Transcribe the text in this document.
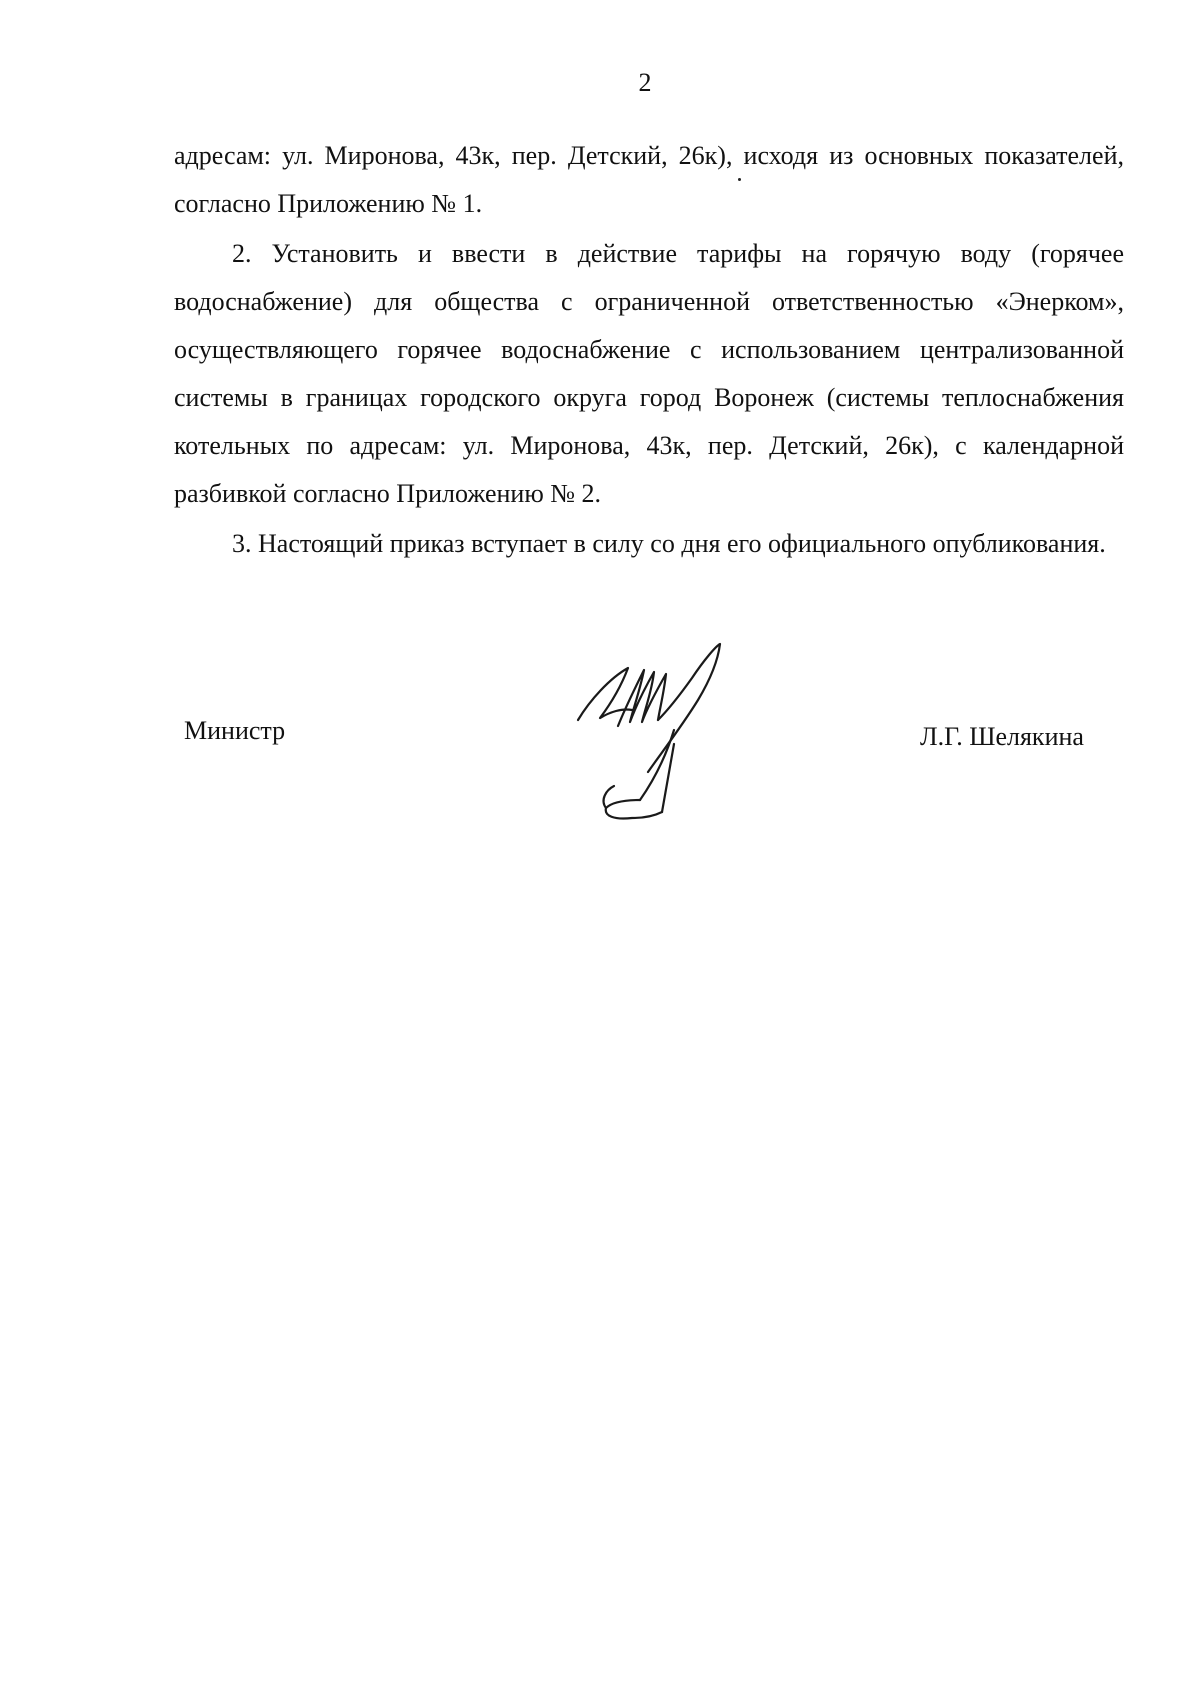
2

адресам: ул. Миронова, 43к, пер. Детский, 26к), исходя из основных показателей, согласно Приложению № 1.

2. Установить и ввести в действие тарифы на горячую воду (горячее водоснабжение) для общества с ограниченной ответственностью «Энерком», осуществляющего горячее водоснабжение с использованием централизованной системы в границах городского округа город Воронеж (системы теплоснабжения котельных по адресам: ул. Миронова, 43к, пер. Детский, 26к), с календарной разбивкой согласно Приложению № 2.

3. Настоящий приказ вступает в силу со дня его официального опубликования.

Министр	Л.Г. Шелякина
